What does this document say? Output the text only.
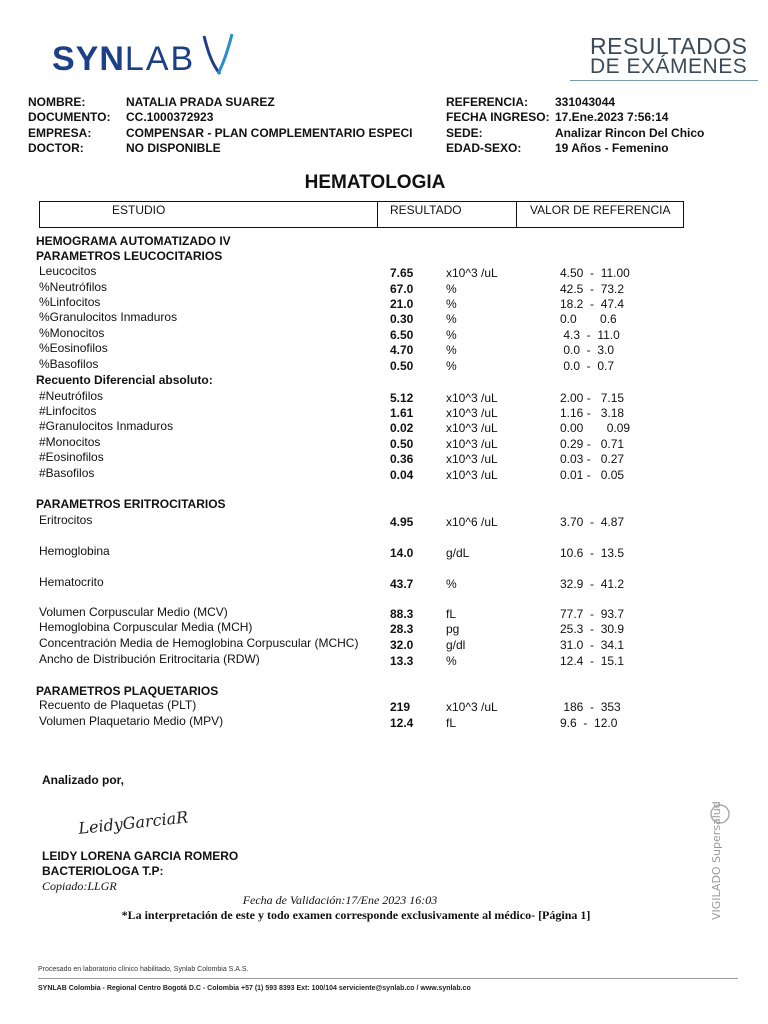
SYNLAB	RESULTADOS
DE EXÁMENES
NOMBRE:	NATALIA PRADA SUAREZ
DOCUMENTO: CC.1000372923
EMPRESA:	COMPENSAR - PLAN COMPLEMENTARIO ESPECI
DOCTOR:	NO DISPONIBLE
REFERENCIA: 331043044
FECHA INGRESO: 17.Ene.2023 7:56:14
SEDE:	Analizar Rincon Del Chico
EDAD-SEXO:	19 Años - Femenino
HEMATOLOGIA
ESTUDIO	RESULTADO	VALOR DE REFERENCIA
HEMOGRAMA AUTOMATIZADO IV
PARAMETROS LEUCOCITARIOS
Recuento Diferencial absoluto:
PARAMETROS ERITROCITARIOS
PARAMETROS PLAQUETARIOS
Leucocitos	7.65	x10^3 /uL	4.50  -  11.00
%Neutrófilos	67.0	%	42.5  -  73.2
%Linfocitos	21.0	%	18.2  -  47.4
%Granulocitos Inmaduros	0.30	%	0.0       0.6
%Monocitos	6.50	%	4.3  -  11.0
%Eosinofilos	4.70	%	0.0  -  3.0
%Basofilos	0.50	%	0.0  -  0.7
#Neutrófilos	5.12	x10^3 /uL	2.00 -   7.15
#Linfocitos	1.61	x10^3 /uL	1.16 -   3.18
#Granulocitos Inmaduros	0.02	x10^3 /uL	0.00       0.09
#Monocitos	0.50	x10^3 /uL	0.29 -   0.71
#Eosinofilos	0.36	x10^3 /uL	0.03 -   0.27
#Basofilos	0.04	x10^3 /uL	0.01 -   0.05
Eritrocitos	4.95	x10^6 /uL	3.70  -  4.87
Hemoglobina	14.0	g/dL	10.6  -  13.5
Hematocrito	43.7	%	32.9  -  41.2
Volumen Corpuscular Medio (MCV)	88.3	fL	77.7  -  93.7
Hemoglobina Corpuscular Media (MCH)	28.3	pg	25.3  -  30.9
Concentración Media de Hemoglobina Corpuscular (MCHC)	32.0	g/dl	31.0  -  34.1
Ancho de Distribución Eritrocitaria (RDW)	13.3	%	12.4  -  15.1
Recuento de Plaquetas (PLT)	219	x10^3 /uL	186  -  353
Volumen Plaquetario Medio (MPV)	12.4	fL	9.6  -  12.0
Analizado por,
LeidyGarciaR
LEIDY LORENA GARCIA ROMERO
BACTERIOLOGA T.P:
Copiado:LLGR
Fecha de Validación:17/Ene 2023 16:03
*La interpretación de este y todo examen corresponde exclusivamente al médico- [Página 1]	VIGILADO Supersalud
Procesado en laboratorio clínico habilitado, Synlab Colombia S.A.S.
SYNLAB Colombia - Regional Centro Bogotá D.C - Colombia +57 (1) 593 8393 Ext: 100/104 serviciente@synlab.co / www.synlab.co
